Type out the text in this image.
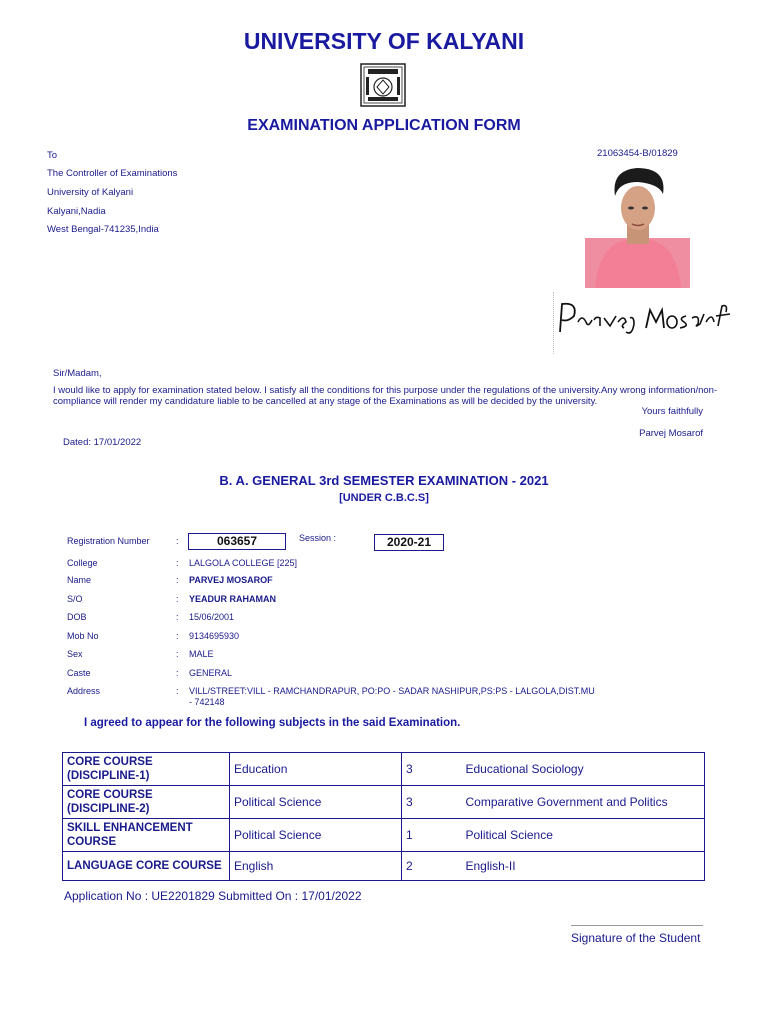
UNIVERSITY OF KALYANI
EXAMINATION APPLICATION FORM
To
The Controller of Examinations
University of Kalyani
Kalyani,Nadia
West Bengal-741235,India
21063454-B/01829
Sir/Madam,
I would like to apply for examination stated below. I satisfy all the conditions for this purpose under the regulations of the university.Any wrong information/non-compliance will render my candidature liable to be cancelled at any stage of the Examinations as will be decided by the university.
Yours faithfully
Parvej Mosarof
Dated: 17/01/2022
B. A. GENERAL 3rd SEMESTER EXAMINATION - 2021
[UNDER C.B.C.S]
Registration Number	:	063657	Session :	2020-21
College	: LALGOLA COLLEGE [225]
Name	: PARVEJ MOSAROF
S/O	: YEADUR RAHAMAN
DOB	: 15/06/2001
Mob No	: 9134695930
Sex	: MALE
Caste	: GENERAL
Address	: VILL/STREET:VILL - RAMCHANDRAPUR, PO:PO - SADAR NASHIPUR,PS:PS - LALGOLA,DIST.MU
- 742148
I agreed to appear for the following subjects in the said Examination.
CORE COURSE (DISCIPLINE-1)	Education	3	Educational Sociology
CORE COURSE (DISCIPLINE-2)	Political Science	3	Comparative Government and Politics
SKILL ENHANCEMENT COURSE	Political Science	1	Political Science
LANGUAGE CORE COURSE	English	2	English-II
Application No : UE2201829 Submitted On : 17/01/2022
Signature of the Student
